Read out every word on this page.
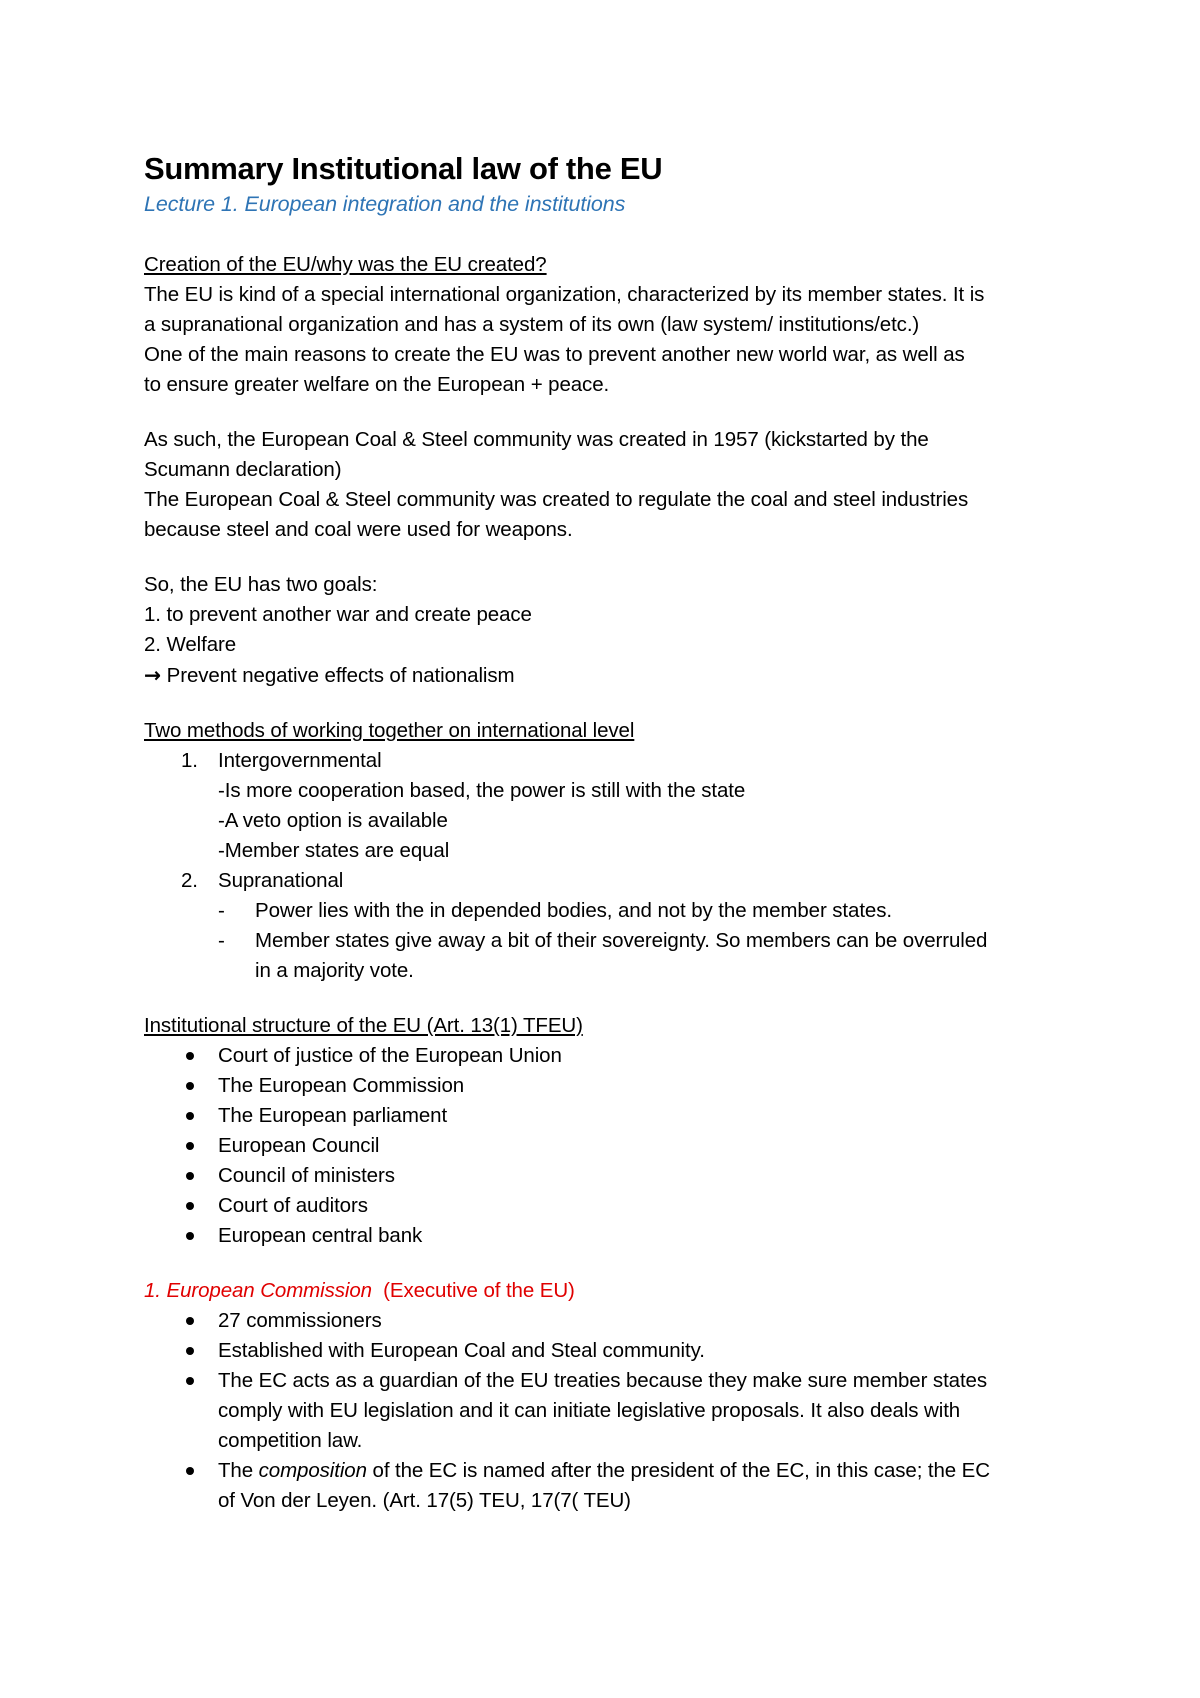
Summary Institutional law of the EU

Lecture 1. European integration and the institutions

Creation of the EU/why was the EU created?

The EU is kind of a special international organization, characterized by its member states. It is

a supranational organization and has a system of its own (law system/ institutions/etc.)

One of the main reasons to create the EU was to prevent another new world war, as well as

to ensure greater welfare on the European + peace.

As such, the European Coal & Steel community was created in 1957 (kickstarted by the

Scumann declaration)

The European Coal & Steel community was created to regulate the coal and steel industries

because steel and coal were used for weapons.

So, the EU has two goals:

1. to prevent another war and create peace

2. Welfare

→ Prevent negative effects of nationalism

Two methods of working together on international level

1. Intergovernmental

-Is more cooperation based, the power is still with the state

-A veto option is available

-Member states are equal

2. Supranational

- Power lies with the in depended bodies, and not by the member states.

- Member states give away a bit of their sovereignty. So members can be overruled

in a majority vote.

Institutional structure of the EU (Art. 13(1) TFEU)

Court of justice of the European Union
The European Commission
The European parliament
European Council
Council of ministers
Court of auditors
European central bank

1. European Commission  (Executive of the EU)

27 commissioners
Established with European Coal and Steal community.
The EC acts as a guardian of the EU treaties because they make sure member states
comply with EU legislation and it can initiate legislative proposals. It also deals with
competition law.
The composition of the EC is named after the president of the EC, in this case; the EC
of Von der Leyen. (Art. 17(5) TEU, 17(7( TEU)
